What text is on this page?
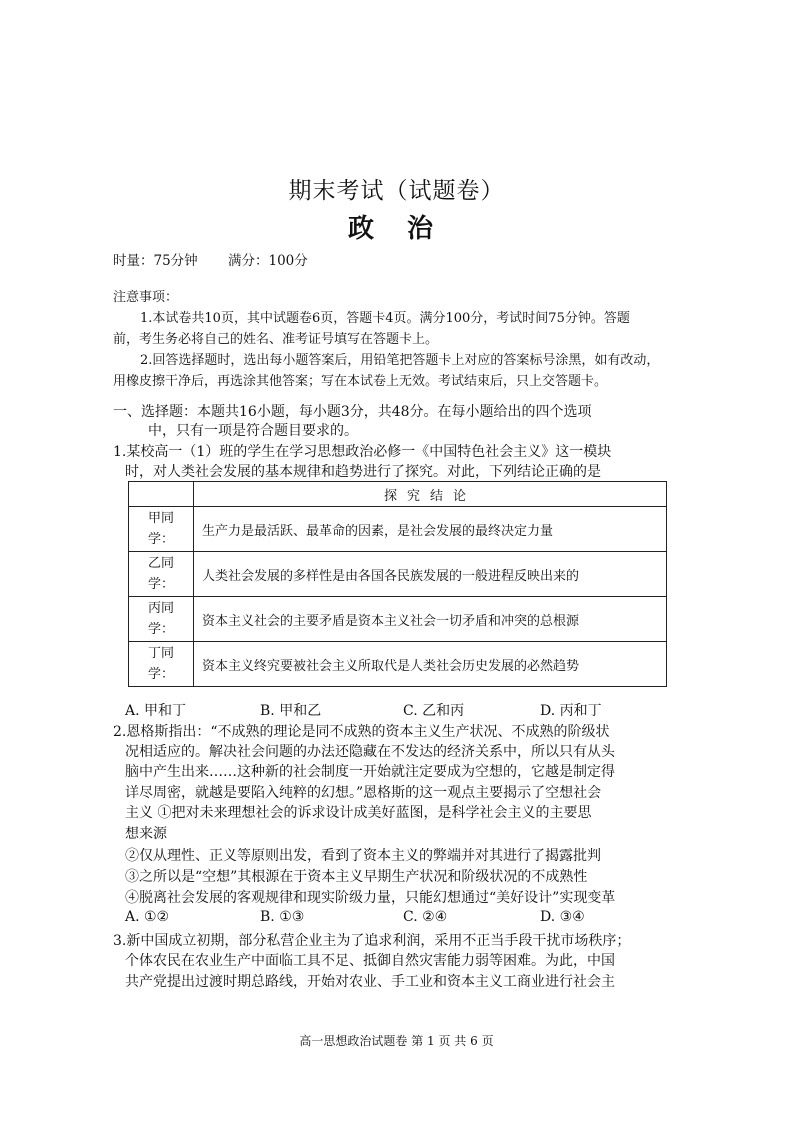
期末考试（试题卷）
政 治
时量：75分钟 满分：100分
注意事项：
1.本试卷共10页，其中试题卷6页，答题卡4页。满分100分，考试时间75分钟。答题
前，考生务必将自己的姓名、准考证号填写在答题卡上。
2.回答选择题时，选出每小题答案后，用铅笔把答题卡上对应的答案标号涂黑，如有改动，
用橡皮擦干净后，再选涂其他答案；写在本试卷上无效。考试结束后，只上交答题卡。
一、选择题：本题共16小题，每小题3分，共48分。在每小题给出的四个选项
中，只有一项是符合题目要求的。
1.某校高一（1）班的学生在学习思想政治必修一《中国特色社会主义》这一模块
时，对人类社会发展的基本规律和趋势进行了探究。对此，下列结论正确的是
	探究结论
甲同
学：	生产力是最活跃、最革命的因素，是社会发展的最终决定力量
乙同
学：	人类社会发展的多样性是由各国各民族发展的一般进程反映出来的
丙同
学：	资本主义社会的主要矛盾是资本主义社会一切矛盾和冲突的总根源
丁同
学：	资本主义终究要被社会主义所取代是人类社会历史发展的必然趋势
A. 甲和丁	B. 甲和乙	C. 乙和丙	D. 丙和丁
2.恩格斯指出：“不成熟的理论是同不成熟的资本主义生产状况、不成熟的阶级状
况相适应的。解决社会问题的办法还隐藏在不发达的经济关系中，所以只有从头
脑中产生出来……这种新的社会制度一开始就注定要成为空想的，它越是制定得
详尽周密，就越是要陷入纯粹的幻想。”恩格斯的这一观点主要揭示了空想社会
主义 ①把对未来理想社会的诉求设计成美好蓝图，是科学社会主义的主要思
想来源
②仅从理性、正义等原则出发，看到了资本主义的弊端并对其进行了揭露批判
③之所以是“空想”其根源在于资本主义早期生产状况和阶级状况的不成熟性
④脱离社会发展的客观规律和现实阶级力量，只能幻想通过“美好设计”实现变革
A. ①②	B. ①③	C. ②④	D. ③④
3.新中国成立初期，部分私营企业主为了追求利润，采用不正当手段干扰市场秩序；
个体农民在农业生产中面临工具不足、抵御自然灾害能力弱等困难。为此，中国
共产党提出过渡时期总路线，开始对农业、手工业和资本主义工商业进行社会主
高一思想政治试题卷 第 1 页 共 6 页
